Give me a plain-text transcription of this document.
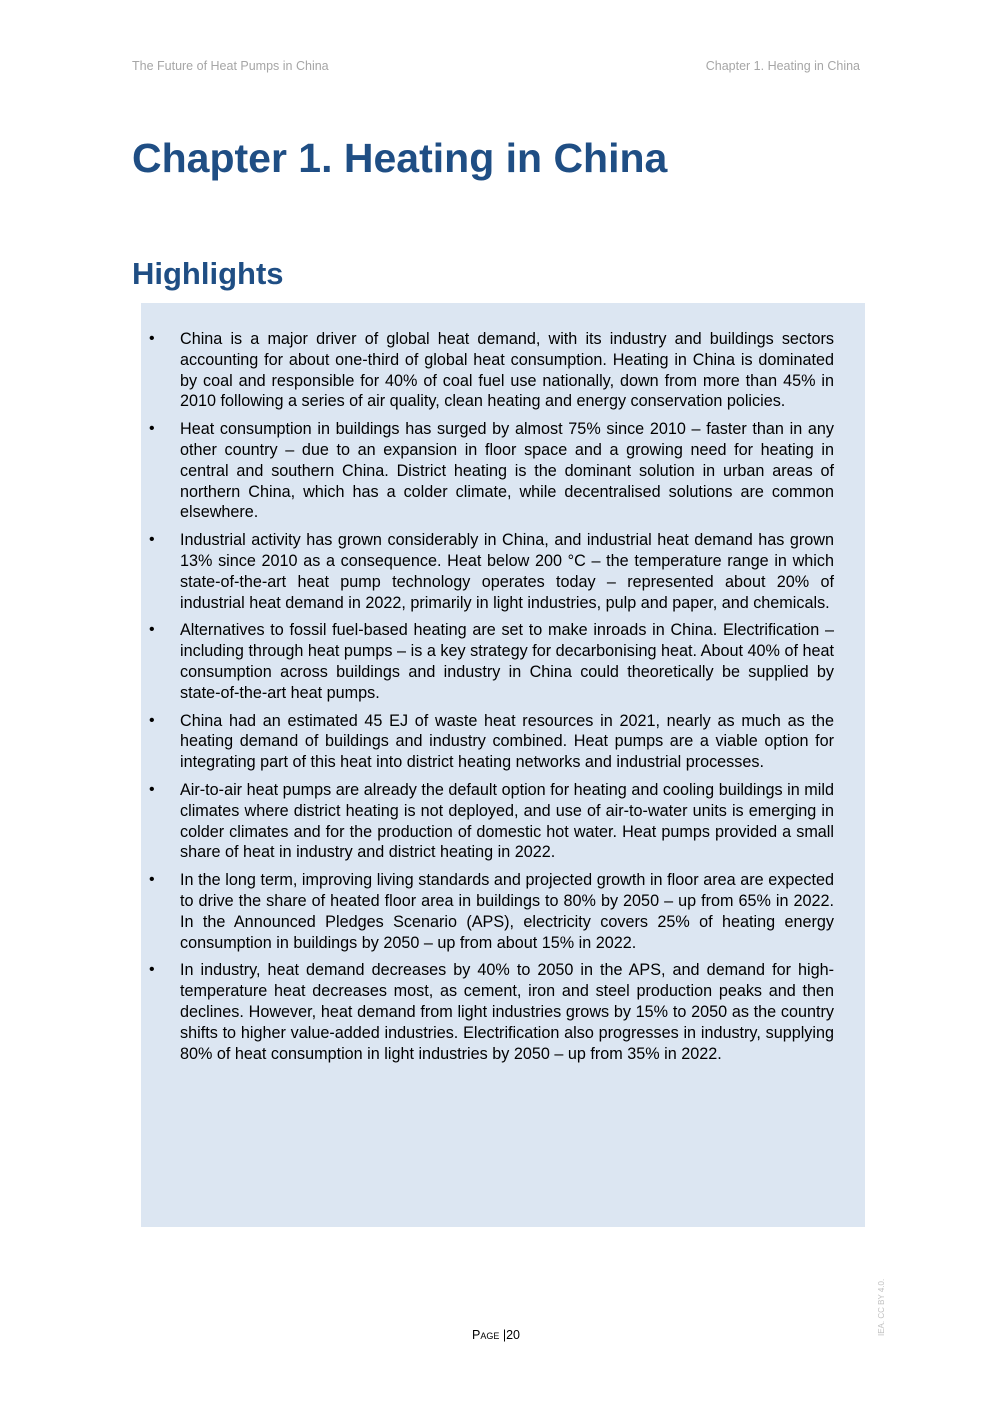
The Future of Heat Pumps in China	Chapter 1. Heating in China
Chapter 1. Heating in China
Highlights
• China is a major driver of global heat demand, with its industry and buildings sectors accounting for about one-third of global heat consumption. Heating in China is dominated by coal and responsible for 40% of coal fuel use nationally, down from more than 45% in 2010 following a series of air quality, clean heating and energy conservation policies.
• Heat consumption in buildings has surged by almost 75% since 2010 – faster than in any other country – due to an expansion in floor space and a growing need for heating in central and southern China. District heating is the dominant solution in urban areas of northern China, which has a colder climate, while decentralised solutions are common elsewhere.
• Industrial activity has grown considerably in China, and industrial heat demand has grown 13% since 2010 as a consequence. Heat below 200 °C – the temperature range in which state-of-the-art heat pump technology operates today – represented about 20% of industrial heat demand in 2022, primarily in light industries, pulp and paper, and chemicals.
• Alternatives to fossil fuel-based heating are set to make inroads in China. Electrification – including through heat pumps – is a key strategy for decarbonising heat. About 40% of heat consumption across buildings and industry in China could theoretically be supplied by state-of-the-art heat pumps.
• China had an estimated 45 EJ of waste heat resources in 2021, nearly as much as the heating demand of buildings and industry combined. Heat pumps are a viable option for integrating part of this heat into district heating networks and industrial processes.
• Air-to-air heat pumps are already the default option for heating and cooling buildings in mild climates where district heating is not deployed, and use of air-to-water units is emerging in colder climates and for the production of domestic hot water. Heat pumps provided a small share of heat in industry and district heating in 2022.
• In the long term, improving living standards and projected growth in floor area are expected to drive the share of heated floor area in buildings to 80% by 2050 – up from 65% in 2022. In the Announced Pledges Scenario (APS), electricity covers 25% of heating energy consumption in buildings by 2050 – up from about 15% in 2022.
• In industry, heat demand decreases by 40% to 2050 in the APS, and demand for high-temperature heat decreases most, as cement, iron and steel production peaks and then declines. However, heat demand from light industries grows by 15% to 2050 as the country shifts to higher value-added industries. Electrification also progresses in industry, supplying 80% of heat consumption in light industries by 2050 – up from 35% in 2022.
Page |20	IEA. CC BY 4.0.
